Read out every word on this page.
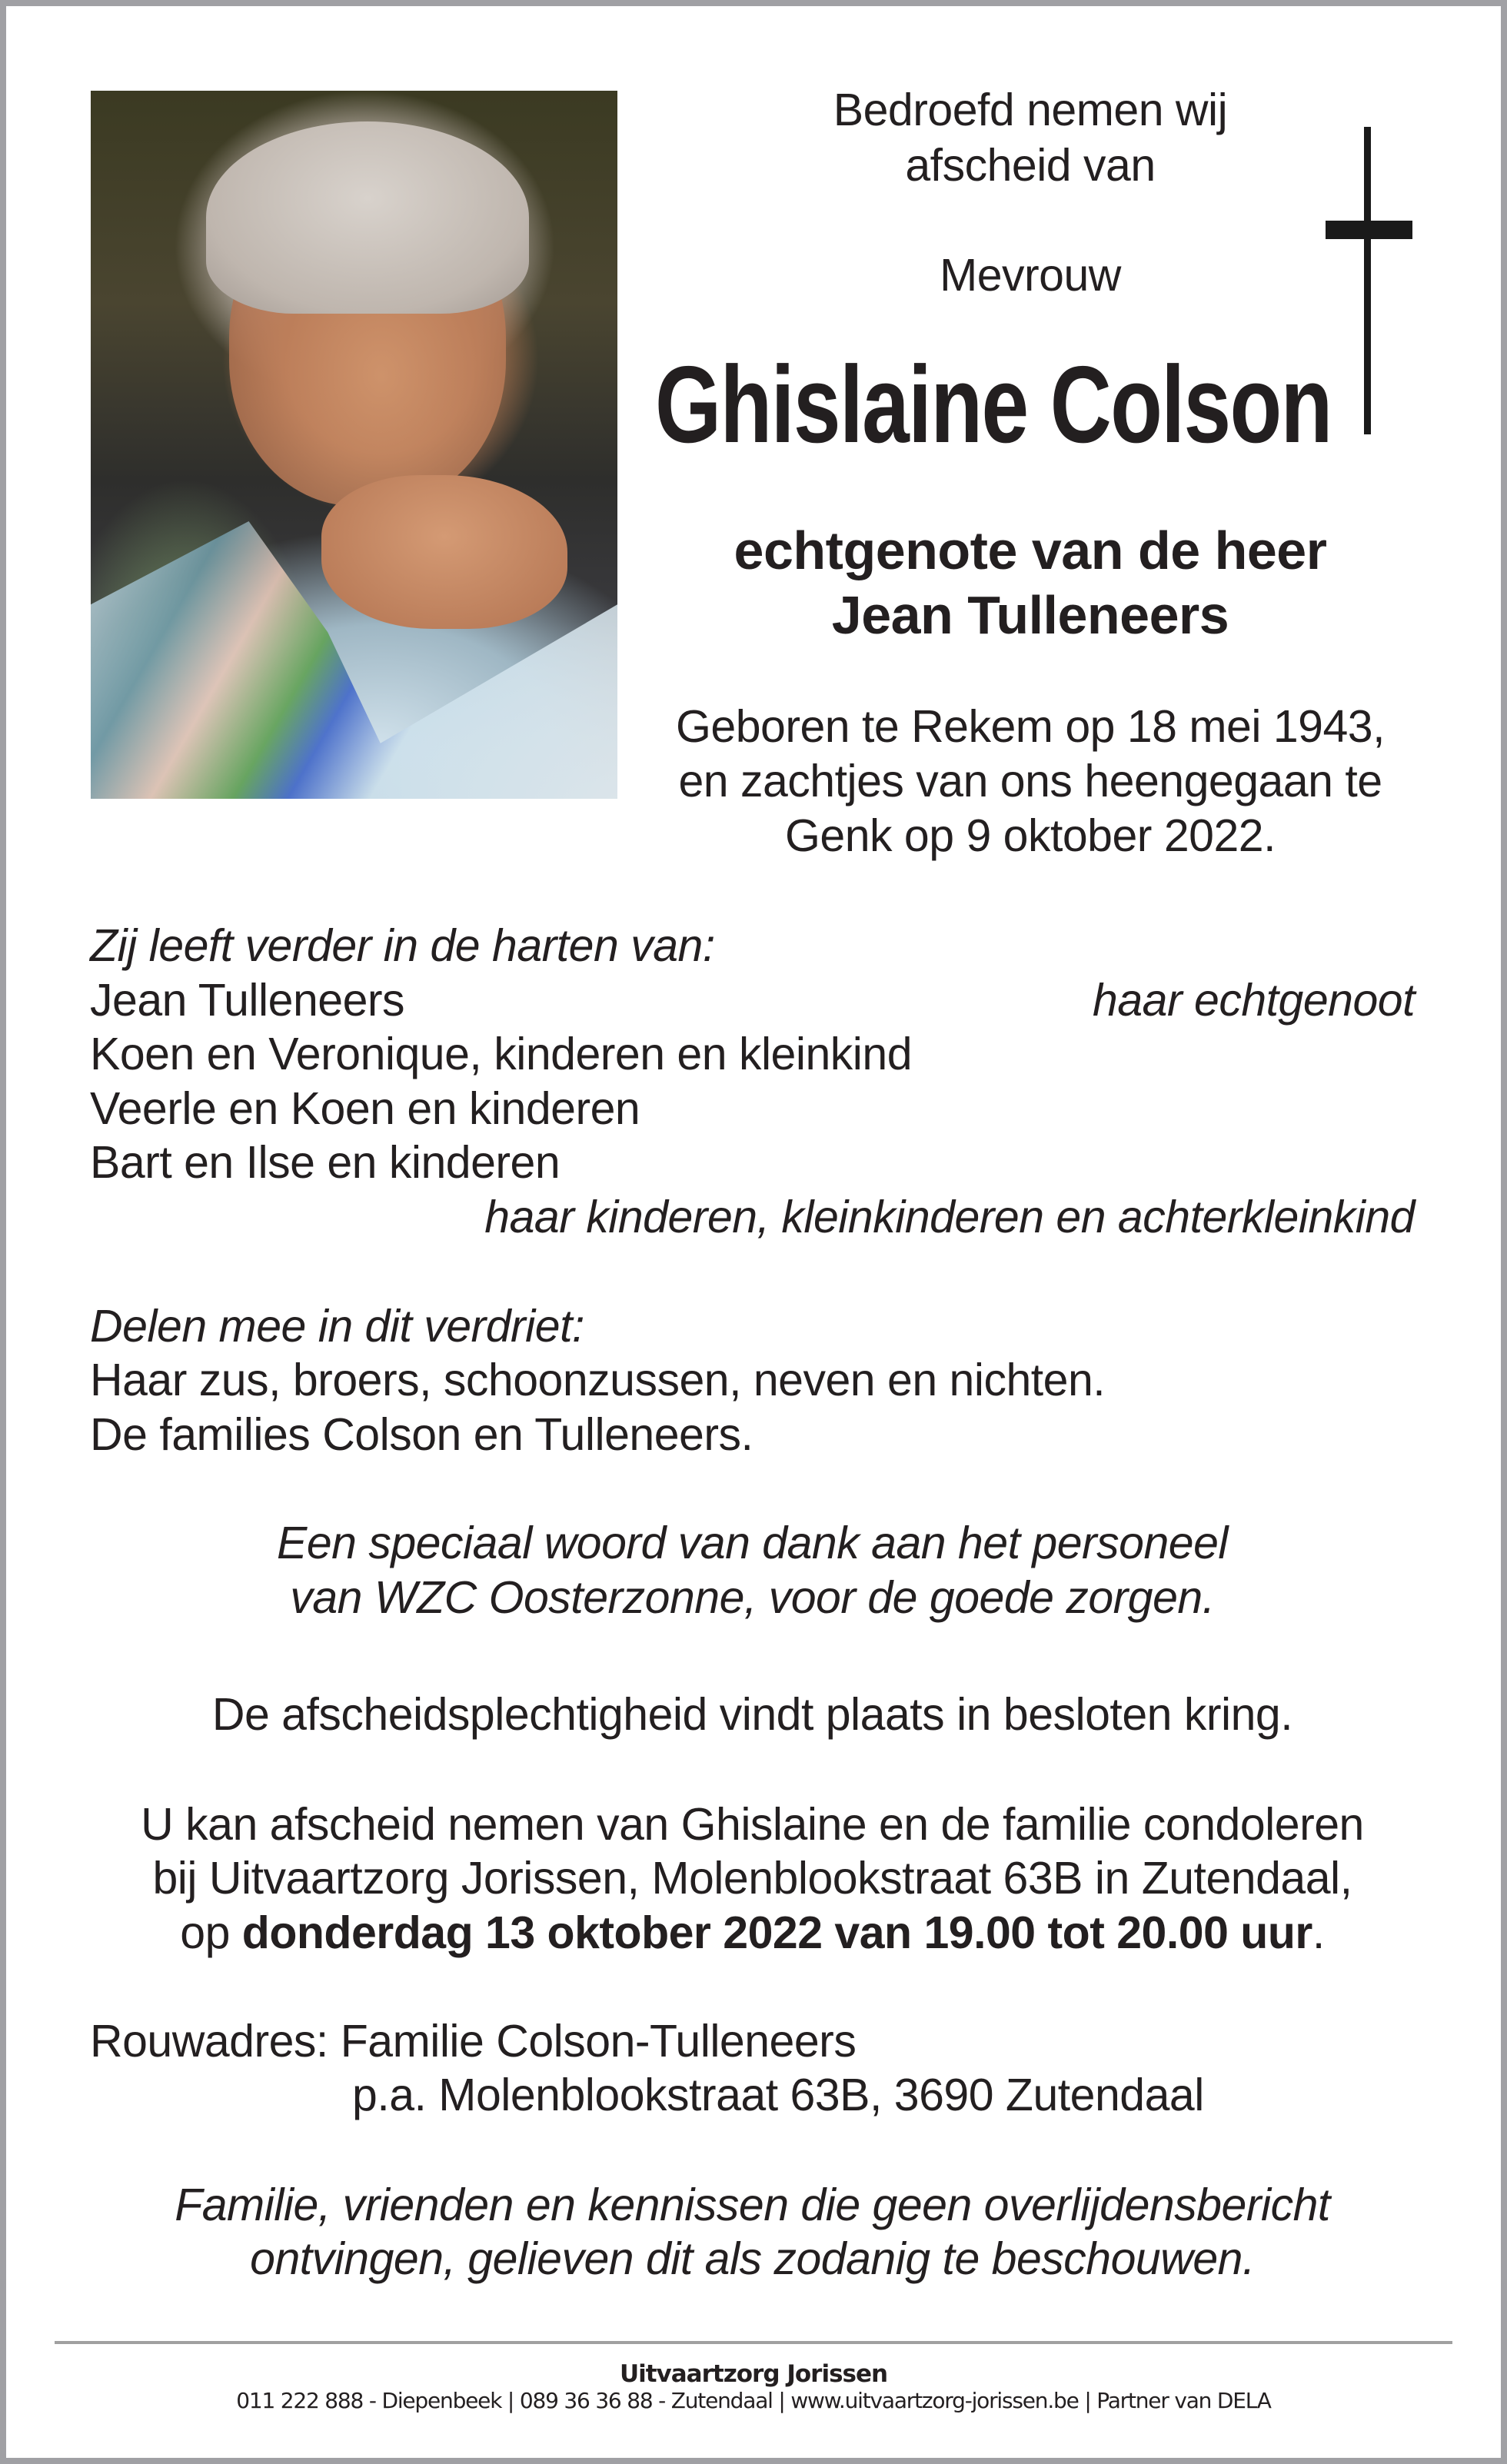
Bedroefd nemen wij
afscheid van
Mevrouw
Ghislaine Colson
echtgenote van de heer
Jean Tulleneers
Geboren te Rekem op 18 mei 1943,
en zachtjes van ons heengegaan te
Genk op 9 oktober 2022.
Zij leeft verder in de harten van:
Jean Tulleneers	haar echtgenoot
Koen en Veronique, kinderen en kleinkind
Veerle en Koen en kinderen
Bart en Ilse en kinderen
haar kinderen, kleinkinderen en achterkleinkind
Delen mee in dit verdriet:
Haar zus, broers, schoonzussen, neven en nichten.
De families Colson en Tulleneers.
Een speciaal woord van dank aan het personeel
van WZC Oosterzonne, voor de goede zorgen.
De afscheidsplechtigheid vindt plaats in besloten kring.
U kan afscheid nemen van Ghislaine en de familie condoleren
bij Uitvaartzorg Jorissen, Molenblookstraat 63B in Zutendaal,
op donderdag 13 oktober 2022 van 19.00 tot 20.00 uur.
Rouwadres: Familie Colson-Tulleneers
p.a. Molenblookstraat 63B, 3690 Zutendaal
Familie, vrienden en kennissen die geen overlijdensbericht
ontvingen, gelieven dit als zodanig te beschouwen.
Uitvaartzorg Jorissen
011 222 888 - Diepenbeek | 089 36 36 88 - Zutendaal | www.uitvaartzorg-jorissen.be | Partner van DELA
